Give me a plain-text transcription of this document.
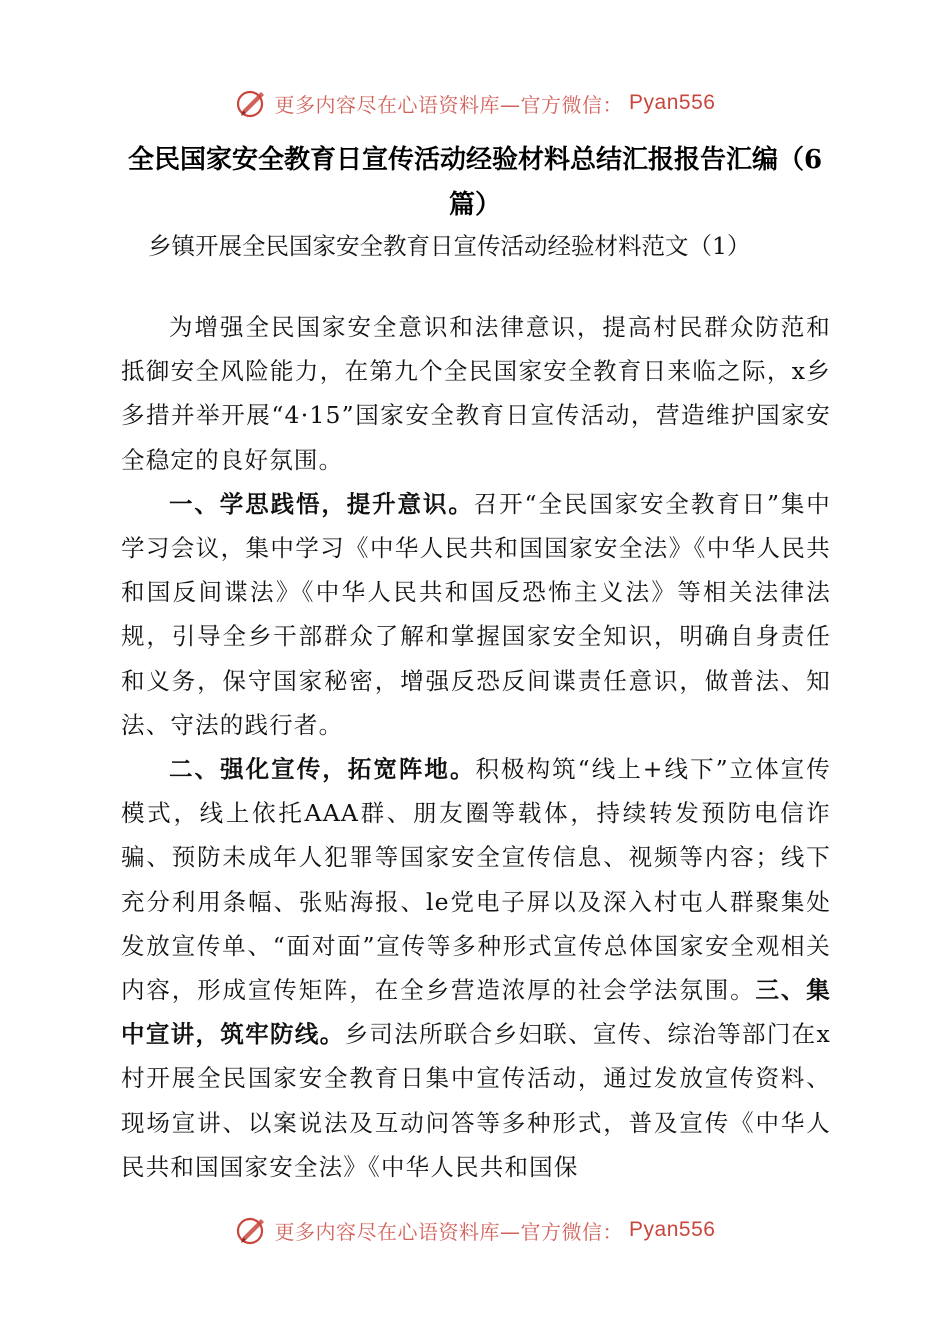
更多内容尽在心语资料库—官方微信： Pyan556
全民国家安全教育日宣传活动经验材料总结汇报报告汇编（6篇）
乡镇开展全民国家安全教育日宣传活动经验材料范文（1）

为增强全民国家安全意识和法律意识，提高村民群众防范和抵御安全风险能力，在第九个全民国家安全教育日来临之际，x乡多措并举开展“4·15”国家安全教育日宣传活动，营造维护国家安全稳定的良好氛围。

一、学思践悟，提升意识。召开“全民国家安全教育日”集中学习会议，集中学习《中华人民共和国国家安全法》《中华人民共和国反间谍法》《中华人民共和国反恐怖主义法》等相关法律法规，引导全乡干部群众了解和掌握国家安全知识，明确自身责任和义务，保守国家秘密，增强反恐反间谍责任意识，做普法、知法、守法的践行者。

二、强化宣传，拓宽阵地。积极构筑“线上+线下”立体宣传模式，线上依托AAA群、朋友圈等载体，持续转发预防电信诈骗、预防未成年人犯罪等国家安全宣传信息、视频等内容；线下充分利用条幅、张贴海报、le党电子屏以及深入村屯人群聚集处发放宣传单、“面对面”宣传等多种形式宣传总体国家安全观相关内容，形成宣传矩阵，在全乡营造浓厚的社会学法氛围。三、集中宣讲，筑牢防线。乡司法所联合乡妇联、宣传、综治等部门在x村开展全民国家安全教育日集中宣传活动，通过发放宣传资料、现场宣讲、以案说法及互动问答等多种形式，普及宣传《中华人民共和国国家安全法》《中华人民共和国保

更多内容尽在心语资料库—官方微信： Pyan556
